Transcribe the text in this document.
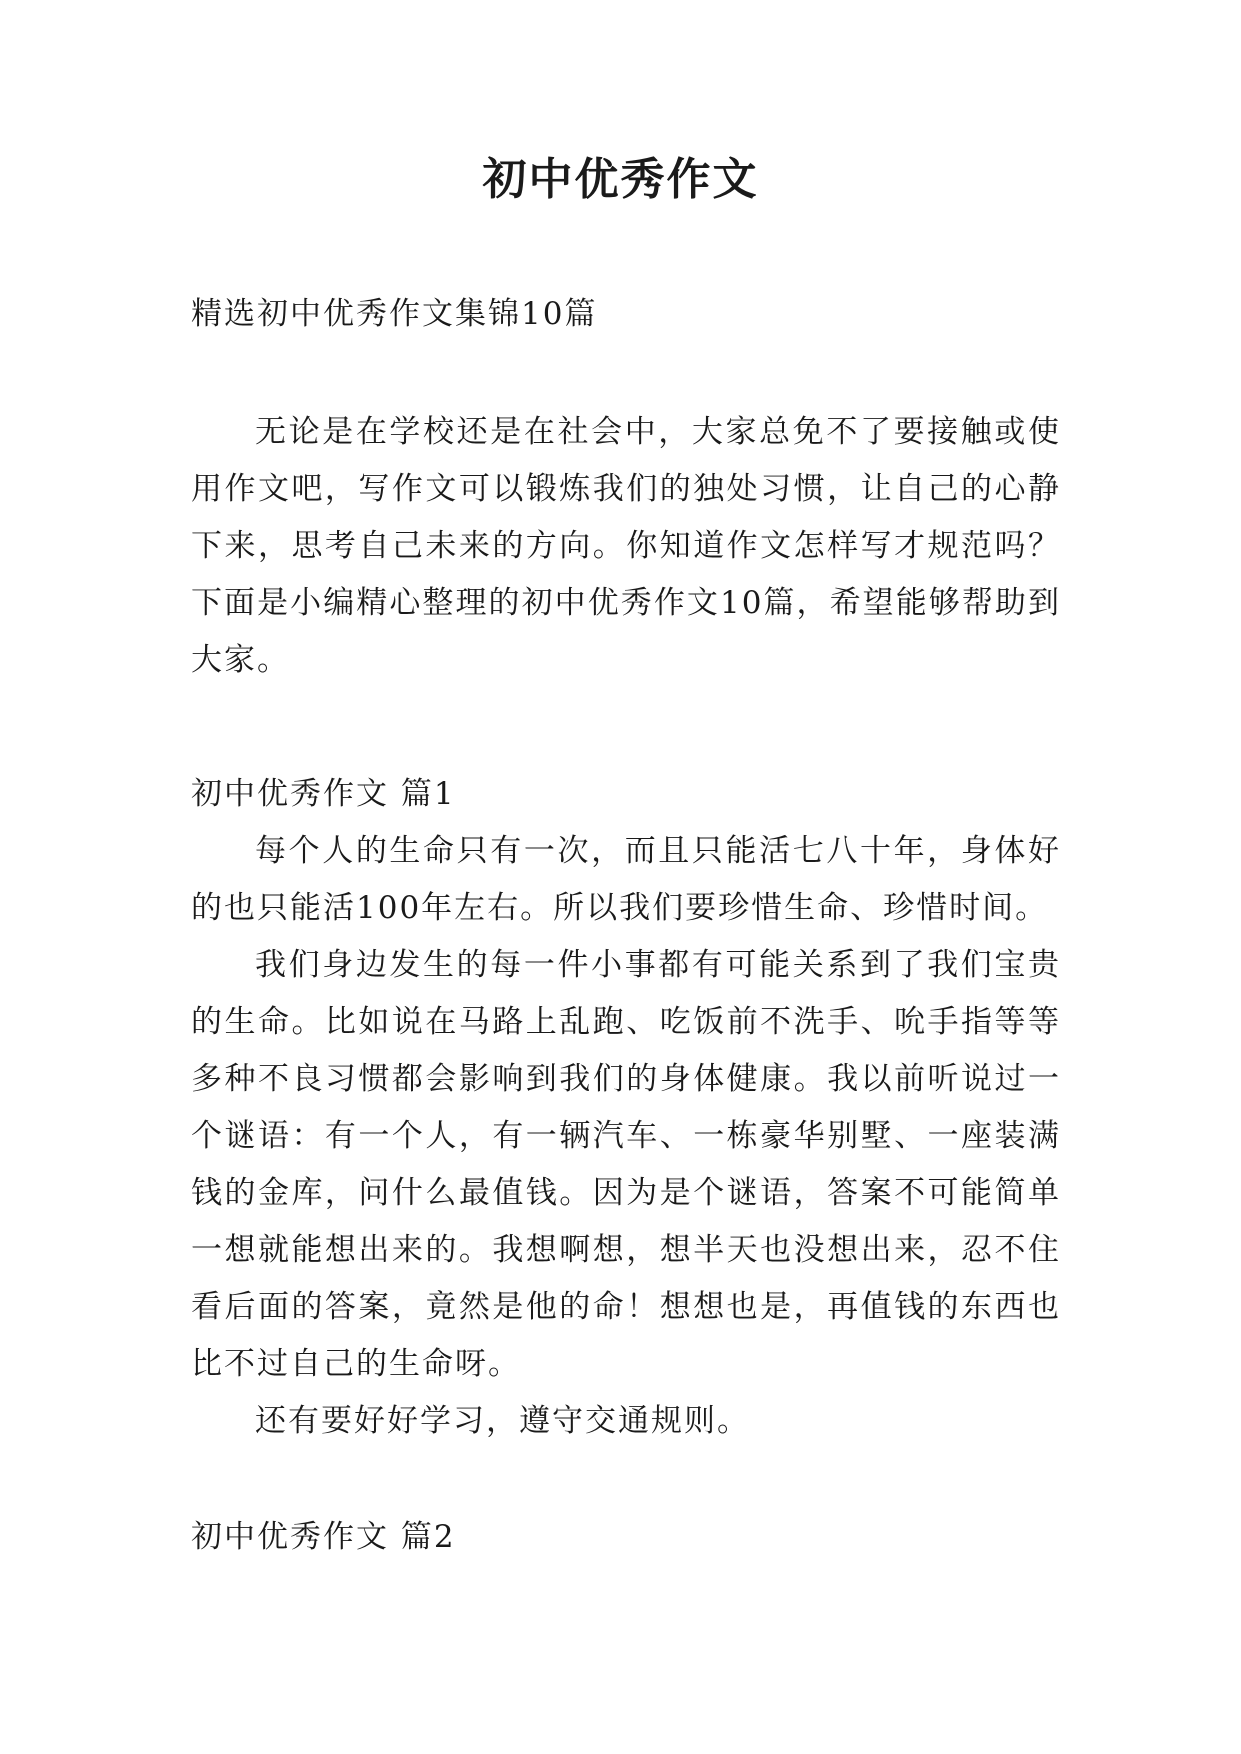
初中优秀作文

精选初中优秀作文集锦10篇

无论是在学校还是在社会中，大家总免不了要接触或使用作文吧，写作文可以锻炼我们的独处习惯，让自己的心静下来，思考自己未来的方向。你知道作文怎样写才规范吗？下面是小编精心整理的初中优秀作文10篇，希望能够帮助到大家。

初中优秀作文 篇1

每个人的生命只有一次，而且只能活七八十年，身体好的也只能活100年左右。所以我们要珍惜生命、珍惜时间。

我们身边发生的每一件小事都有可能关系到了我们宝贵的生命。比如说在马路上乱跑、吃饭前不洗手、吮手指等等多种不良习惯都会影响到我们的身体健康。我以前听说过一个谜语：有一个人，有一辆汽车、一栋豪华别墅、一座装满钱的金库，问什么最值钱。因为是个谜语，答案不可能简单一想就能想出来的。我想啊想，想半天也没想出来，忍不住看后面的答案，竟然是他的命！想想也是，再值钱的东西也比不过自己的生命呀。

还有要好好学习，遵守交通规则。

初中优秀作文 篇2
